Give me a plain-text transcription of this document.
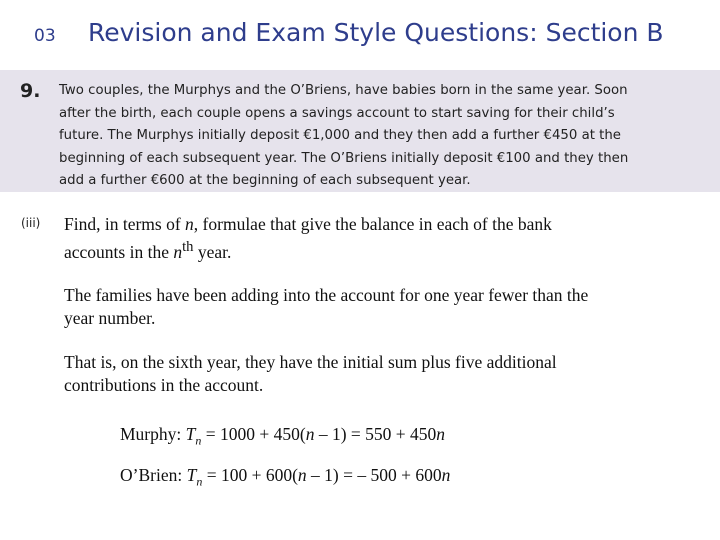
03 Revision and Exam Style Questions: Section B
9. Two couples, the Murphys and the O’Briens, have babies born in the same year. Soon
after the birth, each couple opens a savings account to start saving for their child’s
future. The Murphys initially deposit €1,000 and they then add a further €450 at the
beginning of each subsequent year. The O’Briens initially deposit €100 and they then
add a further €600 at the beginning of each subsequent year.
(iii) Find, in terms of n, formulae that give the balance in each of the bank
accounts in the $n^{th}$ year.
The families have been adding into the account for one year fewer than the
year number.
That is, on the sixth year, they have the initial sum plus five additional
contributions in the account.
Murphy: $T_n = 1000 + 450(n - 1) = 550 + 450n$
O’Brien: $T_n = 100 + 600(n - 1)$ = – 500 + 600n
